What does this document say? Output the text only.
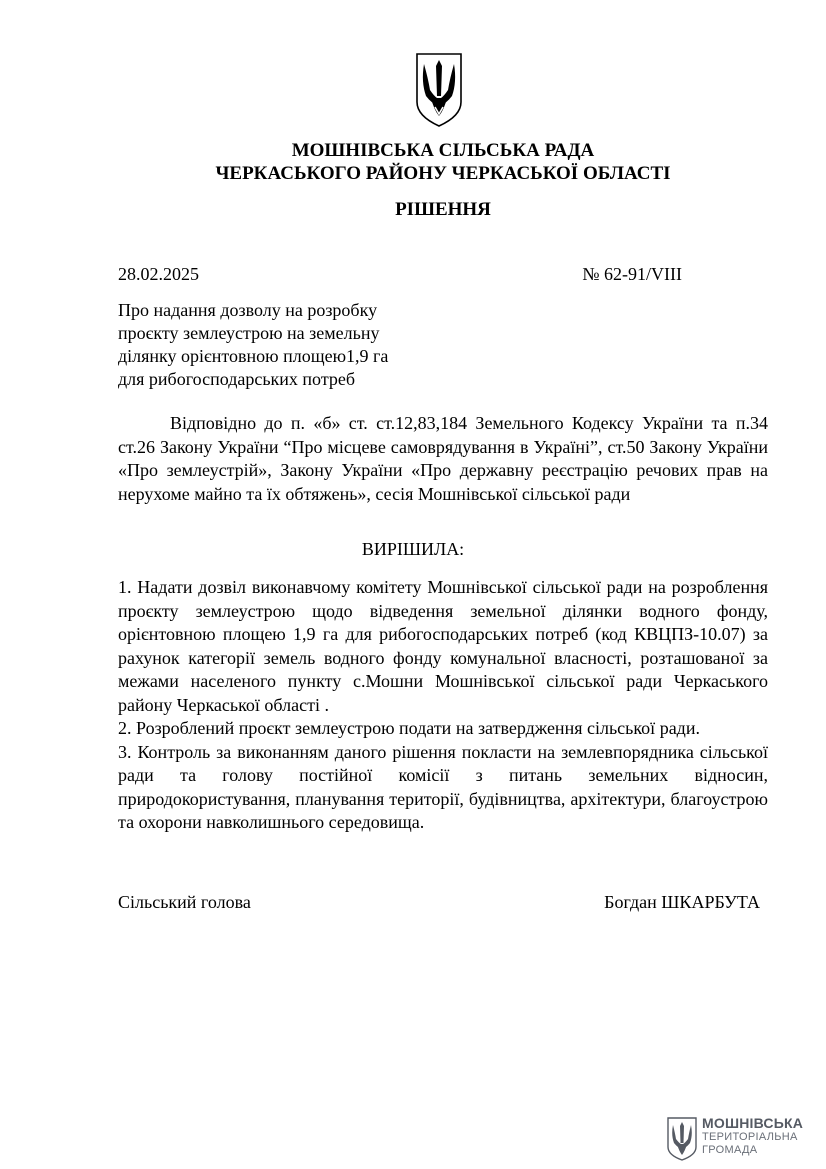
МОШНІВСЬКА СІЛЬСЬКА РАДА
ЧЕРКАСЬКОГО РАЙОНУ ЧЕРКАСЬКОЇ ОБЛАСТІ
РІШЕННЯ
28.02.2025	№ 62-91/VIII
Про надання дозволу на розробку
проєкту землеустрою на земельну
ділянку орієнтовною площею1,9 га
для рибогосподарських потреб
Відповідно до п. «б» ст. ст.12,83,184 Земельного Кодексу України та п.34 ст.26 Закону України “Про місцеве самоврядування в Україні”, ст.50 Закону України «Про землеустрій», Закону України «Про державну реєстрацію речових прав на нерухоме майно та їх обтяжень», сесія Мошнівської сільської ради
ВИРІШИЛА:

1. Надати дозвіл виконавчому комітету Мошнівської сільської ради на розроблення проєкту землеустрою щодо відведення земельної ділянки водного фонду, орієнтовною площею 1,9 га для рибогосподарських потреб (код КВЦПЗ-10.07) за рахунок категорії земель водного фонду комунальної власності, розташованої за межами населеного пункту с.Мошни Мошнівської сільської ради Черкаського району Черкаської області .

2. Розроблений проєкт землеустрою подати на затвердження сільської ради.

3. Контроль за виконанням даного рішення покласти на землевпорядника сільської ради та голову постійної комісії з питань земельних відносин, природокористування, планування території, будівництва, архітектури, благоустрою та охорони навколишнього середовища.

Сільський голова	Богдан ШКАРБУТА
МОШНІВСЬКА
ТЕРИТОРІАЛЬНА
ГРОМАДА
